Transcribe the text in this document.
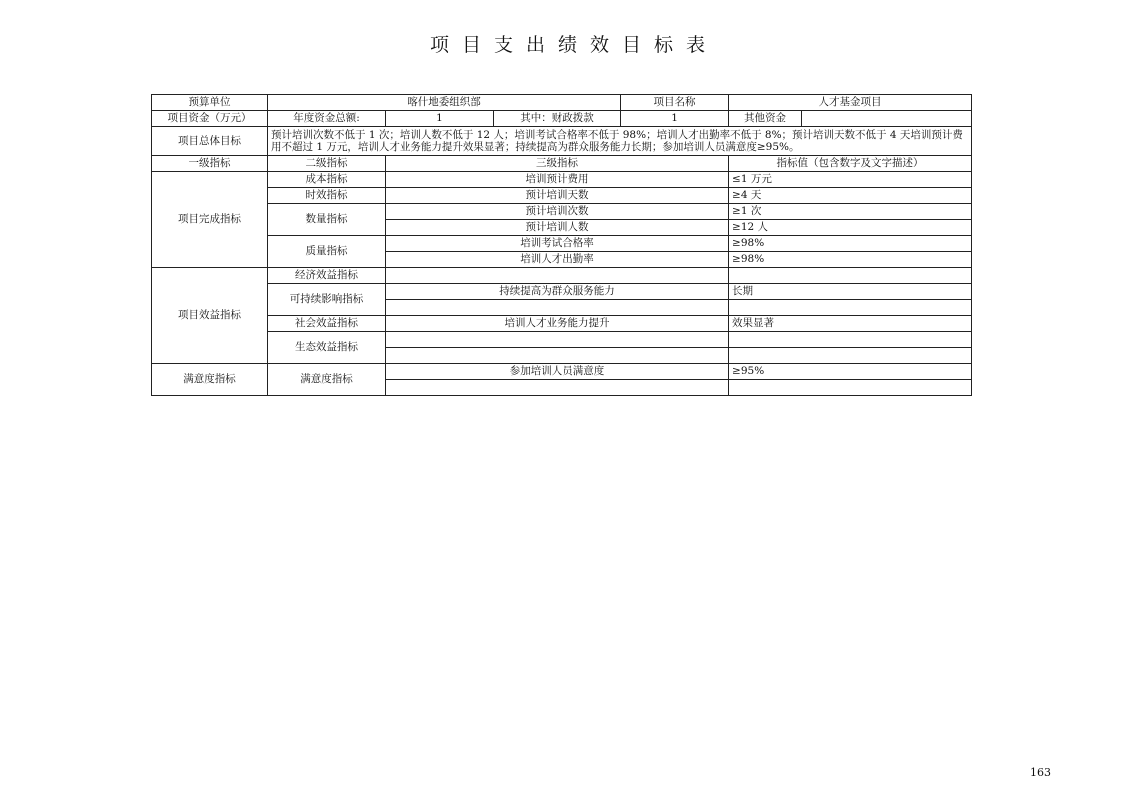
项目支出绩效目标表
预算单位	喀什地委组织部			项目名称	人才基金项目	
项目资金（万元）	年度资金总额:	1	其中：财政拨款	1	其他资金	
项目总体目标	预计培训次数不低于 1 次；培训人数不低于 12 人；培训考试合格率不低于 98%；培训人才出勤率不低于 8%；预计培训天数不低于 4 天培训预计费用不超过 1 万元，培训人才业务能力提升效果显著；持续提高为群众服务能力长期；参加培训人员满意度≥95%。					
一级指标	二级指标	三级指标			指标值（包含数字及文字描述）	
项目完成指标	成本指标	培训预计费用			≤1 万元	
	时效指标	预计培训天数			≥4 天	
	数量指标	预计培训次数			≥1 次	
		预计培训人数			≥12 人	
	质量指标	培训考试合格率			≥98%	
		培训人才出勤率			≥98%	
项目效益指标	经济效益指标					
	可持续影响指标	持续提高为群众服务能力			长期	

	社会效益指标	培训人才业务能力提升			效果显著	
	生态效益指标					

满意度指标	满意度指标	参加培训人员满意度			≥95%	

163
